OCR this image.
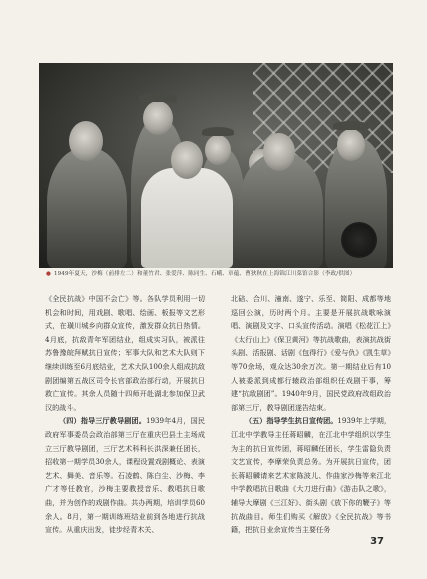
● 1949年夏天，沙梅（前排左二）和董竹君、张爱萍、陈同生、石峨、章蕴、曹狄秋在上海锦江川菜馆合影（李政/供图）

《全民抗战》中国不会亡》等。各队学员利用一切机会和时间，用戏剧、歌唱、绘画、板报等文艺形式，在璜川城乡向群众宣传，激发群众抗日热情。4月底，抗敌青年军团结业，组成实习队，被派往苏鲁豫皖拜赋抗日宣传；军事大队和艺术大队则下继续训练至6月底结业，艺术大队100余人组成抗敌剧团编第五战区司令长官部政治部行动，开展抗日救亡宣传。其余人员随十四师开赴湖北参加保卫武汉的战斗。

（四）指导三厅教导剧团。1939年4月，国民政府军事委员会政治部第三厅在重庆巴县土主场成立三厅教导剧团，三厅艺术科科长洪深兼任团长，招收第一期学员30余人，课程设置戏剧概论、表演艺术、舞美、音乐等。石凌鹤、陈白尘、沙梅、李广才等任教官，沙梅主要教授音乐、教唱抗日歌曲，并为创作的戏剧作曲。共办两期，培训学员60余人。8月，第一期训练班结业前到各地进行抗战宣传。从重庆出发，徒步经青木关、

北碚、合川、潼南、遂宁、乐至、简阳、成都等地巡回公演，历时两个月。主要是开展抗战歌咏演唱、演剧及文字、口头宣传活动。演唱《松花江上》《太行山上》《保卫黄河》等抗战歌曲，表演抗战街头剧、活报剧、话剧《包得行》《爱与仇》《凯生草》等70余场，观众达30余万次。第一期结业后有10人被委派到成都行辕政治部组织任戏剧干事，筹建“抗敌剧团”。1940年9月，国民党政府改组政治部第三厅，教导剧团遂告结束。

（五）指导学生抗日宣传团。1939年上学期，江北中学教导主任蒋昭麟，在江北中学组织以学生为主的抗日宣传团，蒋昭麟任团长，学生雷隐负责文艺宣传，李摩荣负责总务。为开展抗日宣传，团长蒋昭麟请来艺术家陈波儿、作曲家沙梅等来江北中学教唱抗日歌曲《大刀进行曲》《游击队之歌》，辅导大摩剧《三江好》、街头剧《放下你的鞭子》等抗战曲目。师生们购买《解放》《全民抗战》等书籍，把抗日业余宣传当主要任务

37
